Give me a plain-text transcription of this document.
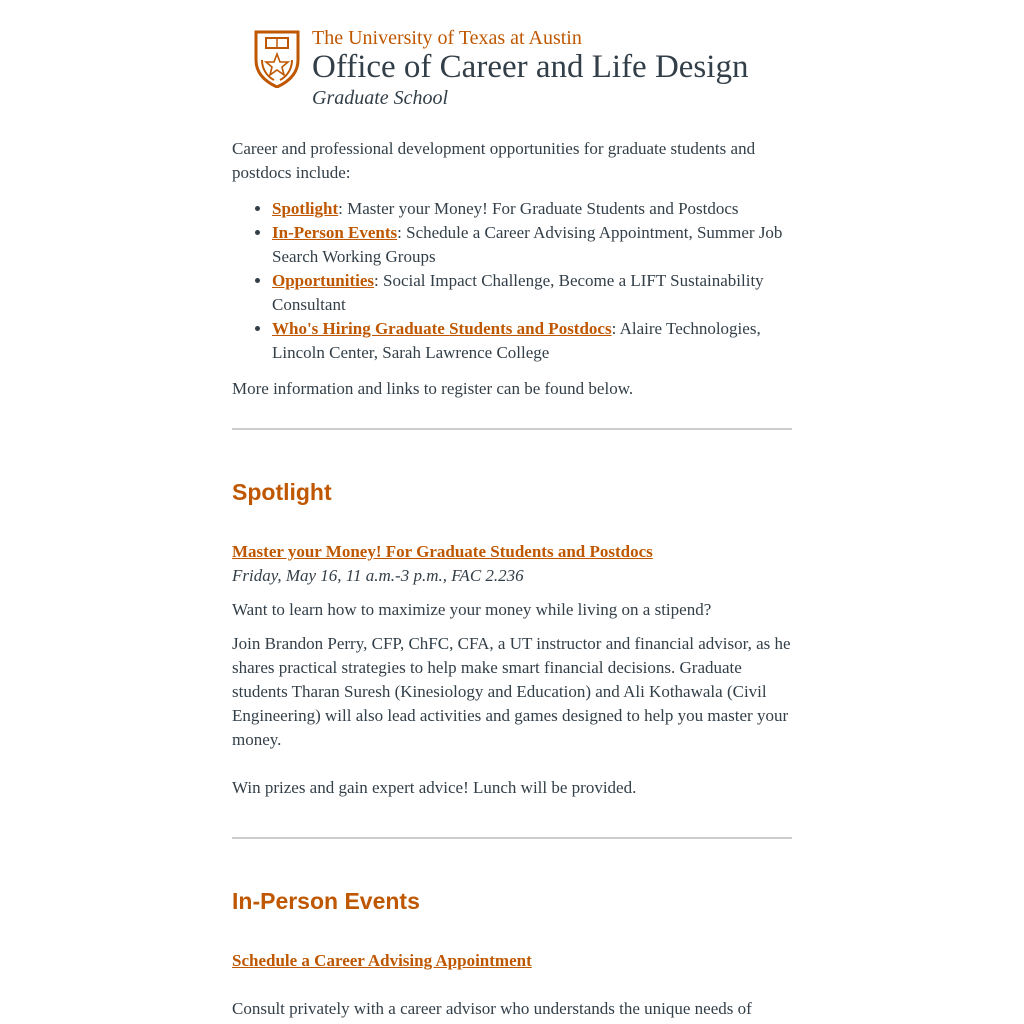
The University of Texas at Austin
Office of Career and Life Design
Graduate School

Career and professional development opportunities for graduate students and postdocs include:

• Spotlight: Master your Money! For Graduate Students and Postdocs
• In-Person Events: Schedule a Career Advising Appointment, Summer Job Search Working Groups
• Opportunities: Social Impact Challenge, Become a LIFT Sustainability Consultant
• Who's Hiring Graduate Students and Postdocs: Alaire Technologies, Lincoln Center, Sarah Lawrence College

More information and links to register can be found below.

Spotlight

Master your Money! For Graduate Students and Postdocs

Friday, May 16, 11 a.m.-3 p.m., FAC 2.236

Want to learn how to maximize your money while living on a stipend?

Join Brandon Perry, CFP, ChFC, CFA, a UT instructor and financial advisor, as he shares practical strategies to help make smart financial decisions. Graduate students Tharan Suresh (Kinesiology and Education) and Ali Kothawala (Civil Engineering) will also lead activities and games designed to help you master your money.

Win prizes and gain expert advice! Lunch will be provided.

In-Person Events

Schedule a Career Advising Appointment

Consult privately with a career advisor who understands the unique needs of
